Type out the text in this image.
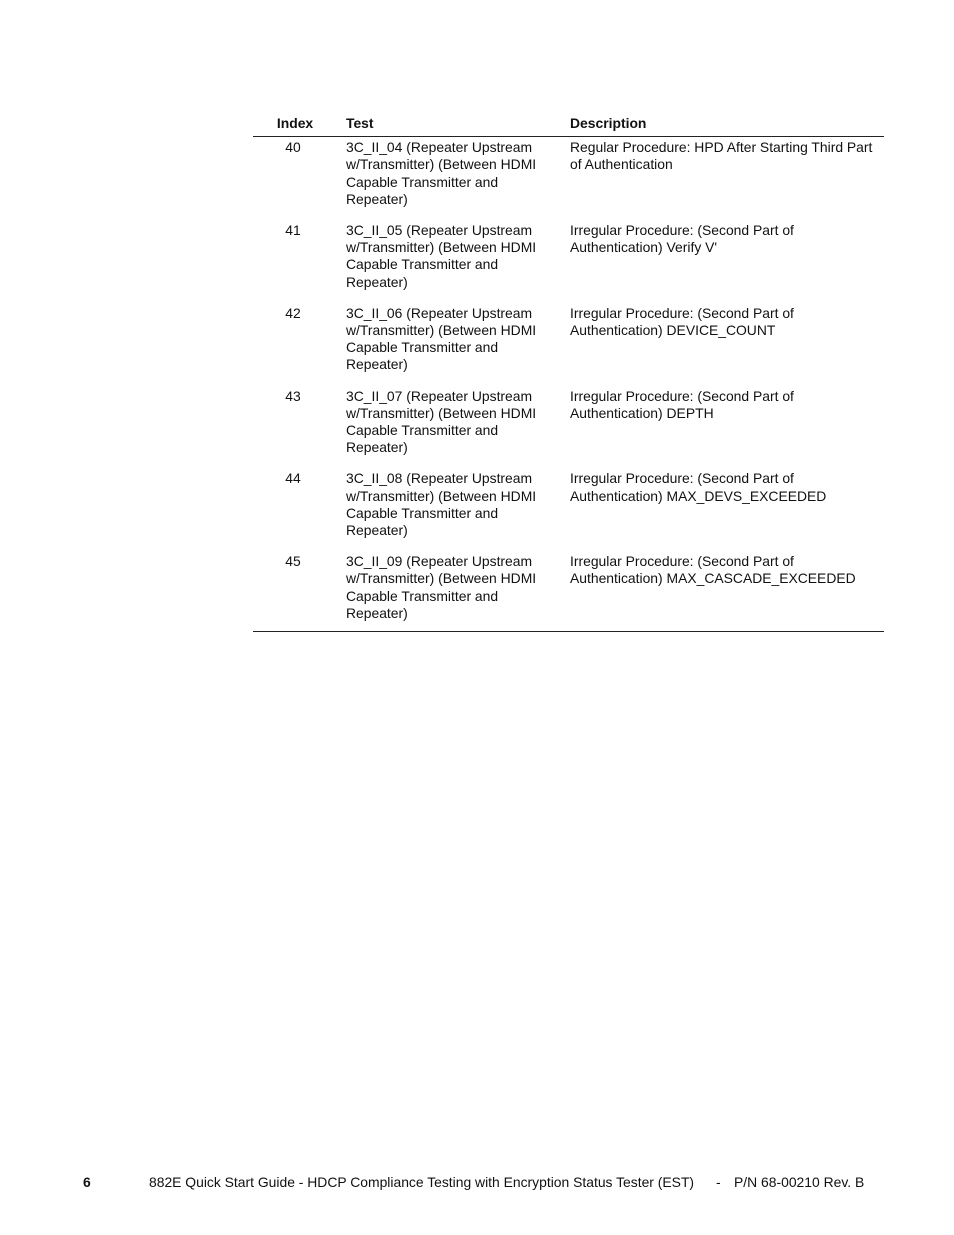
Index	Test	Description
40	3C_II_04 (Repeater Upstream w/Transmitter) (Between HDMI Capable Transmitter and Repeater)	Regular Procedure: HPD After Starting Third Part of Authentication
41	3C_II_05 (Repeater Upstream w/Transmitter) (Between HDMI Capable Transmitter and Repeater)	Irregular Procedure: (Second Part of Authentication) Verify V'
42	3C_II_06 (Repeater Upstream w/Transmitter) (Between HDMI Capable Transmitter and Repeater)	Irregular Procedure: (Second Part of Authentication) DEVICE_COUNT
43	3C_II_07 (Repeater Upstream w/Transmitter) (Between HDMI Capable Transmitter and Repeater)	Irregular Procedure: (Second Part of Authentication) DEPTH
44	3C_II_08 (Repeater Upstream w/Transmitter) (Between HDMI Capable Transmitter and Repeater)	Irregular Procedure: (Second Part of Authentication) MAX_DEVS_EXCEEDED
45	3C_II_09 (Repeater Upstream w/Transmitter) (Between HDMI Capable Transmitter and Repeater)	Irregular Procedure: (Second Part of Authentication) MAX_CASCADE_EXCEEDED
6	882E Quick Start Guide - HDCP Compliance Testing with Encryption Status Tester (EST) - P/N 68-00210 Rev. B
